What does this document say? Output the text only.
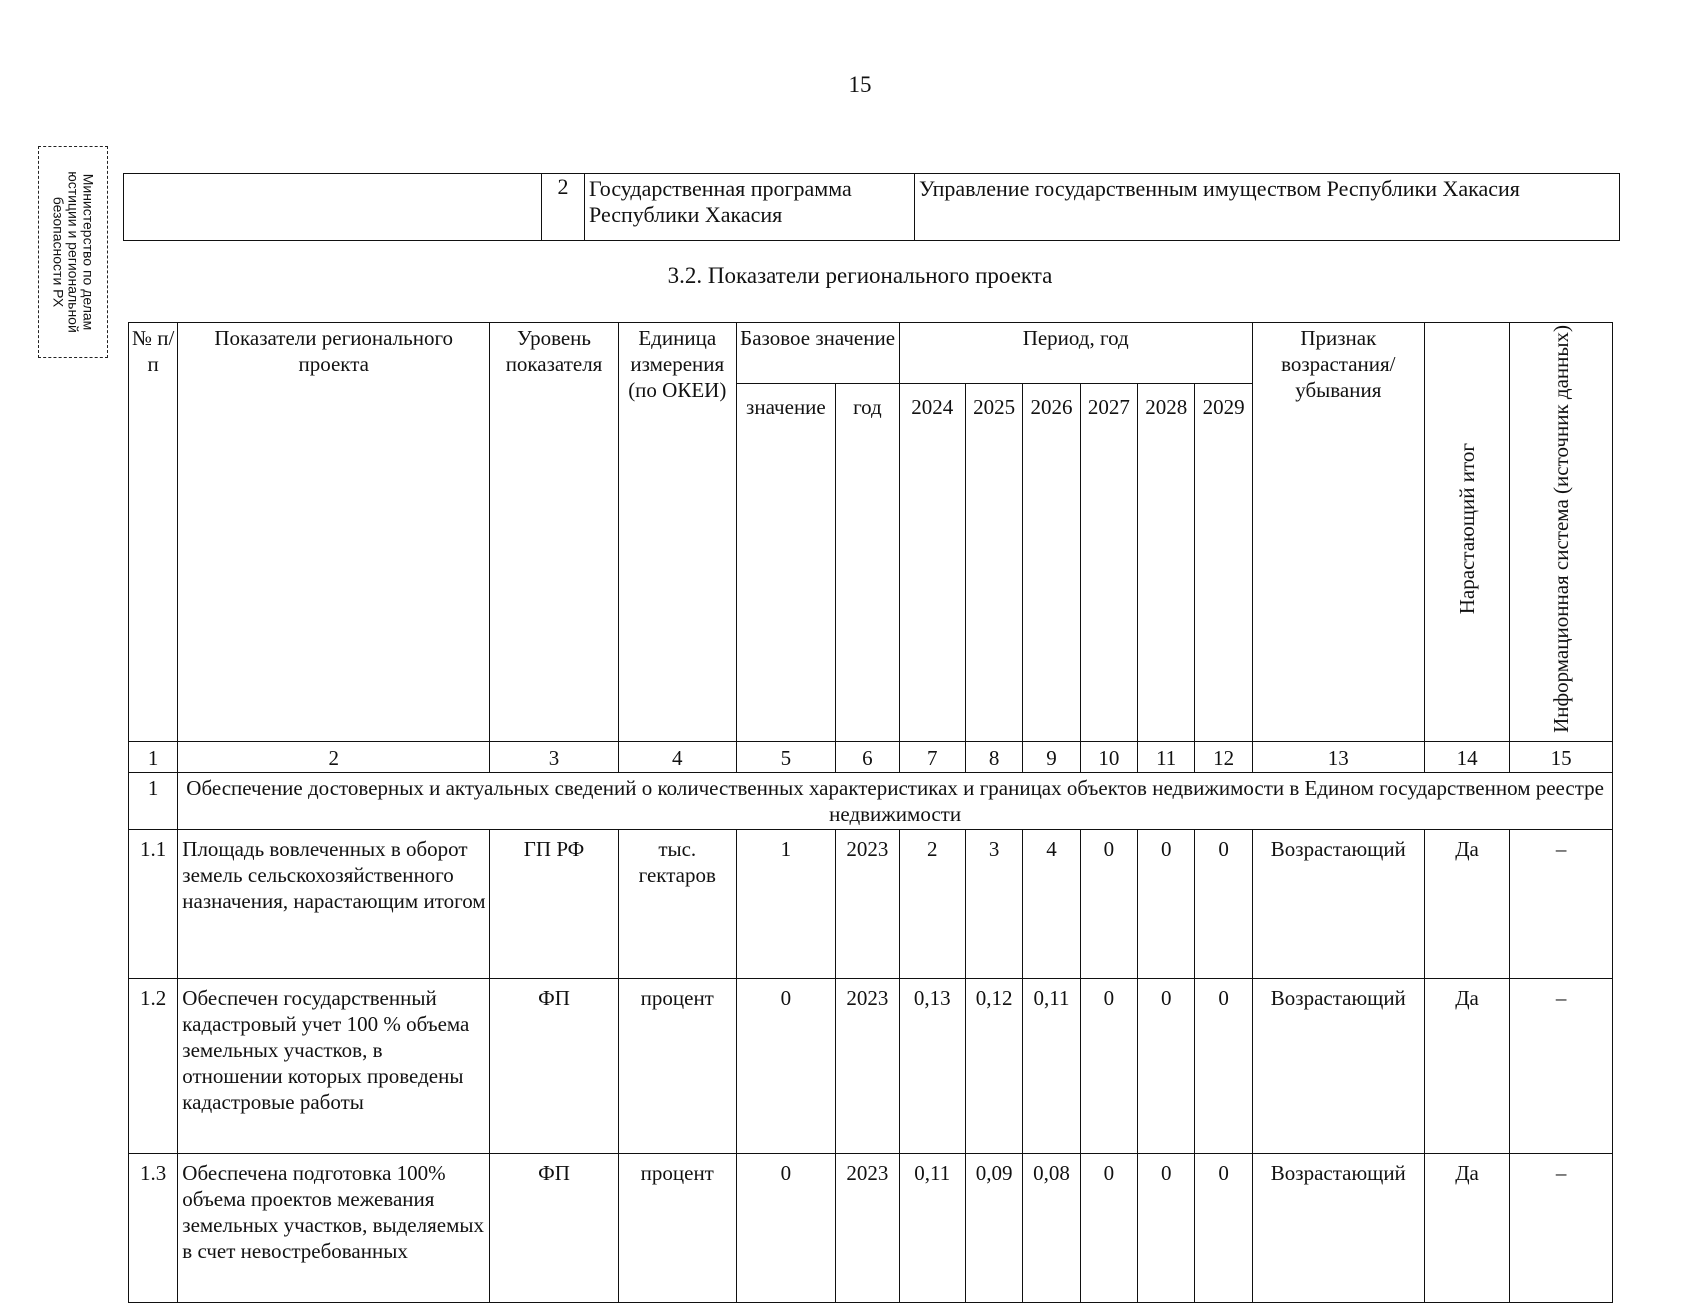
15
Министерство по делам
юстиции и региональной
безопасности РХ
	2	Государственная программа Республики Хакасия	Управление государственным имуществом Республики Хакасия
3.2. Показатели регионального проекта
№ п/п	Показатели регионального проекта	Уровень показателя	Единица измерения (по ОКЕИ)	Базовое значение		Период, год						Признак возрастания/ убывания	Нарастающий итог	Информационная система (источник данных)
				значение	год	2024	2025	2026	2027	2028	2029			
1	2	3	4	5	6	7	8	9	10	11	12	13	14	15
1	Обеспечение достоверных и актуальных сведений о количественных характеристиках и границах объектов недвижимости в Едином государственном реестре недвижимости													
1.1	Площадь вовлеченных в оборот земель сельскохозяйственного назначения, нарастающим итогом	ГП РФ	тыс. гектаров	1	2023	2	3	4	0	0	0	Возрастающий	Да	–
1.2	Обеспечен государственный кадастровый учет 100 % объема земельных участков, в отношении которых проведены кадастровые работы	ФП	процент	0	2023	0,13	0,12	0,11	0	0	0	Возрастающий	Да	–
1.3	Обеспечена подготовка 100% объема проектов межевания земельных участков, выделяемых в счет невостребованных	ФП	процент	0	2023	0,11	0,09	0,08	0	0	0	Возрастающий	Да	–
